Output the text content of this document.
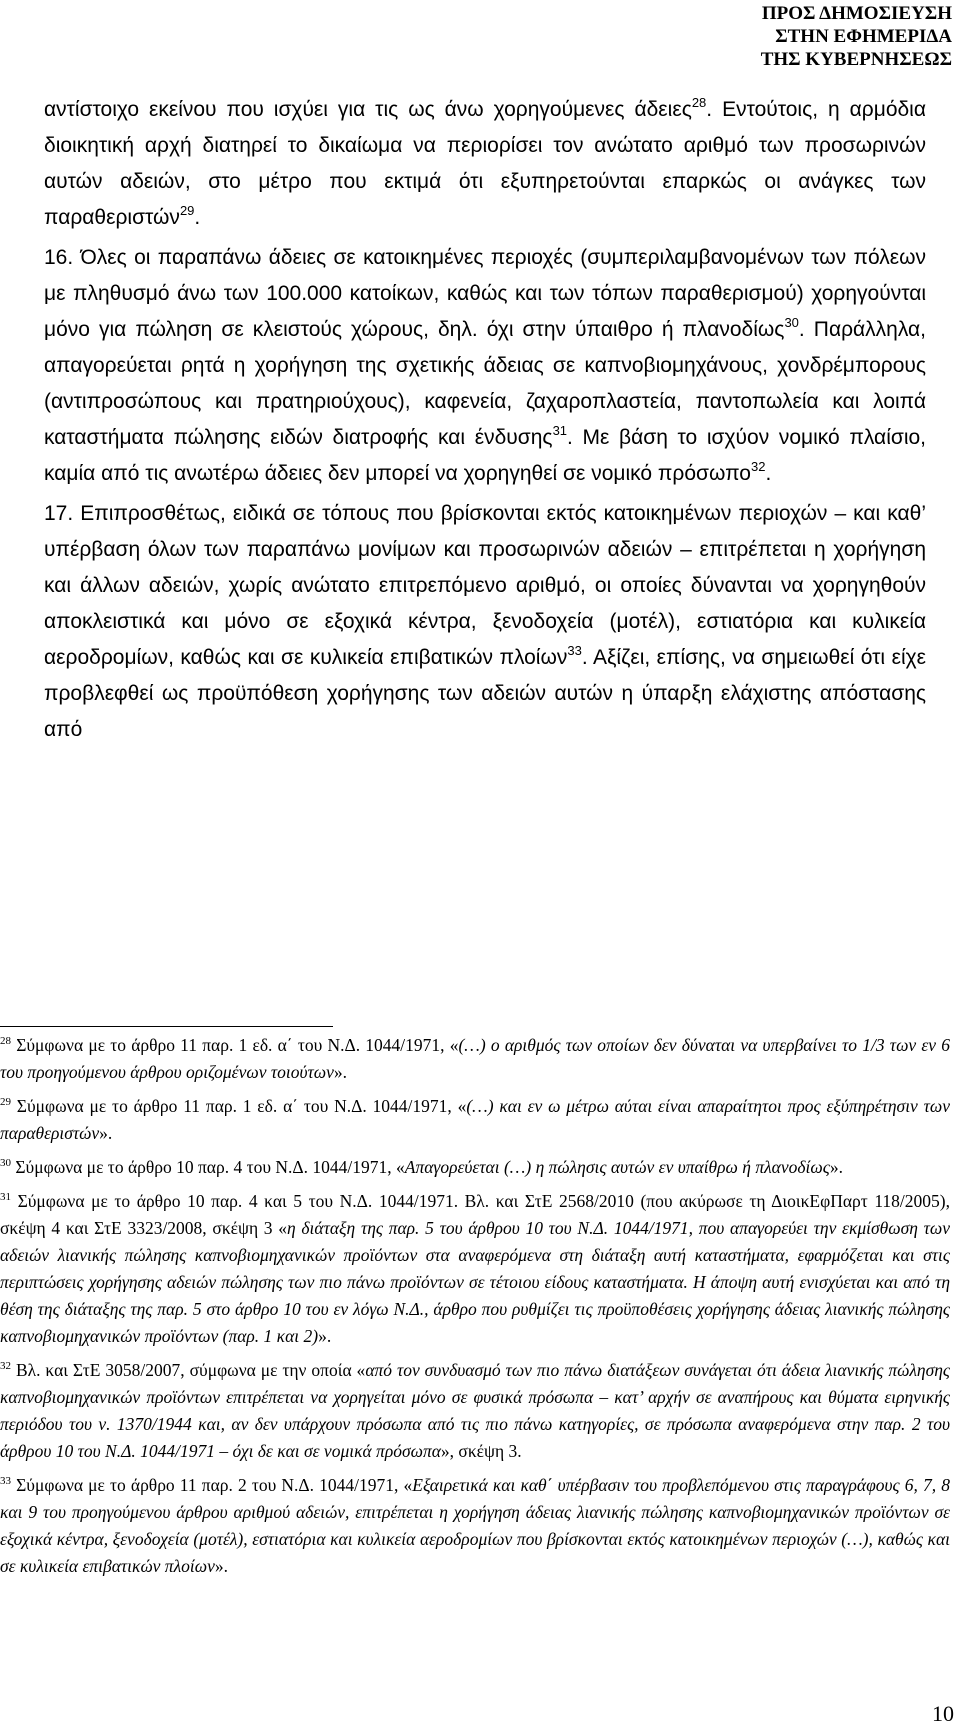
ΠΡΟΣ ΔΗΜΟΣΙΕΥΣΗ
ΣΤΗΝ ΕΦΗΜΕΡΙΔΑ
ΤΗΣ ΚΥΒΕΡΝΗΣΕΩΣ

αντίστοιχο εκείνου που ισχύει για τις ως άνω χορηγούμενες άδειες$^{28}$. Εντούτοις, η αρμόδια διοικητική αρχή διατηρεί το δικαίωμα να περιορίσει τον ανώτατο αριθμό των προσωρινών αυτών αδειών, στο μέτρο που εκτιμά ότι εξυπηρετούνται επαρκώς οι ανάγκες των παραθεριστών$^{29}$.

16. Όλες οι παραπάνω άδειες σε κατοικημένες περιοχές (συμπεριλαμβανομένων των πόλεων με πληθυσμό άνω των 100.000 κατοίκων, καθώς και των τόπων παραθερισμού) χορηγούνται μόνο για πώληση σε κλειστούς χώρους, δηλ. όχι στην ύπαιθρο ή πλανοδίως$^{30}$. Παράλληλα, απαγορεύεται ρητά η χορήγηση της σχετικής άδειας σε καπνοβιομηχάνους, χονδρέμπορους (αντιπροσώπους και πρατηριούχους), καφενεία, ζαχαροπλαστεία, παντοπωλεία και λοιπά καταστήματα πώλησης ειδών διατροφής και ένδυσης$^{31}$. Με βάση το ισχύον νομικό πλαίσιο, καμία από τις ανωτέρω άδειες δεν μπορεί να χορηγηθεί σε νομικό πρόσωπο$^{32}$.

17. Επιπροσθέτως, ειδικά σε τόπους που βρίσκονται εκτός κατοικημένων περιοχών – και καθ’ υπέρβαση όλων των παραπάνω μονίμων και προσωρινών αδειών – επιτρέπεται η χορήγηση και άλλων αδειών, χωρίς ανώτατο επιτρεπόμενο αριθμό, οι οποίες δύνανται να χορηγηθούν αποκλειστικά και μόνο σε εξοχικά κέντρα, ξενοδοχεία (μοτέλ), εστιατόρια και κυλικεία αεροδρομίων, καθώς και σε κυλικεία επιβατικών πλοίων$^{33}$. Αξίζει, επίσης, να σημειωθεί ότι είχε προβλεφθεί ως προϋπόθεση χορήγησης των αδειών αυτών η ύπαρξη ελάχιστης απόστασης από

$^{28}$ Σύμφωνα με το άρθρο 11 παρ. 1 εδ. α΄ του Ν.Δ. 1044/1971, «(…) ο αριθμός των οποίων δεν δύναται να υπερβαίνει το 1/3 των εν 6 του προηγούμενου άρθρου οριζομένων τοιούτων».

$^{29}$ Σύμφωνα με το άρθρο 11 παρ. 1 εδ. α΄ του Ν.Δ. 1044/1971, «(…) και εν ω μέτρω αύται είναι απαραίτητοι προς εξύπηρέτησιν των παραθεριστών».

$^{30}$ Σύμφωνα με το άρθρο 10 παρ. 4 του Ν.Δ. 1044/1971, «Απαγορεύεται (…) η πώλησις αυτών εν υπαίθρω ή πλανοδίως».

$^{31}$ Σύμφωνα με το άρθρο 10 παρ. 4 και 5 του Ν.Δ. 1044/1971. Βλ. και ΣτΕ 2568/2010 (που ακύρωσε τη ΔιοικΕφΠαρτ 118/2005), σκέψη 4 και ΣτΕ 3323/2008, σκέψη 3 «η διάταξη της παρ. 5 του άρθρου 10 του Ν.Δ. 1044/1971, που απαγορεύει την εκμίσθωση των αδειών λιανικής πώλησης καπνοβιομηχανικών προϊόντων στα αναφερόμενα στη διάταξη αυτή καταστήματα, εφαρμόζεται και στις περιπτώσεις χορήγησης αδειών πώλησης των πιο πάνω προϊόντων σε τέτοιου είδους καταστήματα. Η άποψη αυτή ενισχύεται και από τη θέση της διάταξης της παρ. 5 στο άρθρο 10 του εν λόγω Ν.Δ., άρθρο που ρυθμίζει τις προϋποθέσεις χορήγησης άδειας λιανικής πώλησης καπνοβιομηχανικών προϊόντων (παρ. 1 και 2)».

$^{32}$ Βλ. και ΣτΕ 3058/2007, σύμφωνα με την οποία «από τον συνδυασμό των πιο πάνω διατάξεων συνάγεται ότι άδεια λιανικής πώλησης καπνοβιομηχανικών προϊόντων επιτρέπεται να χορηγείται μόνο σε φυσικά πρόσωπα – κατ’ αρχήν σε αναπήρους και θύματα ειρηνικής περιόδου του ν. 1370/1944 και, αν δεν υπάρχουν πρόσωπα από τις πιο πάνω κατηγορίες, σε πρόσωπα αναφερόμενα στην παρ. 2 του άρθρου 10 του Ν.Δ. 1044/1971 – όχι δε και σε νομικά πρόσωπα», σκέψη 3.

$^{33}$ Σύμφωνα με το άρθρο 11 παρ. 2 του Ν.Δ. 1044/1971, «Εξαιρετικά και καθ΄ υπέρβασιν του προβλεπόμενου στις παραγράφους 6, 7, 8 και 9 του προηγούμενου άρθρου αριθμού αδειών, επιτρέπεται η χορήγηση άδειας λιανικής πώλησης καπνοβιομηχανικών προϊόντων σε εξοχικά κέντρα, ξενοδοχεία (μοτέλ), εστιατόρια και κυλικεία αεροδρομίων που βρίσκονται εκτός κατοικημένων περιοχών (…), καθώς και σε κυλικεία επιβατικών πλοίων».

10
